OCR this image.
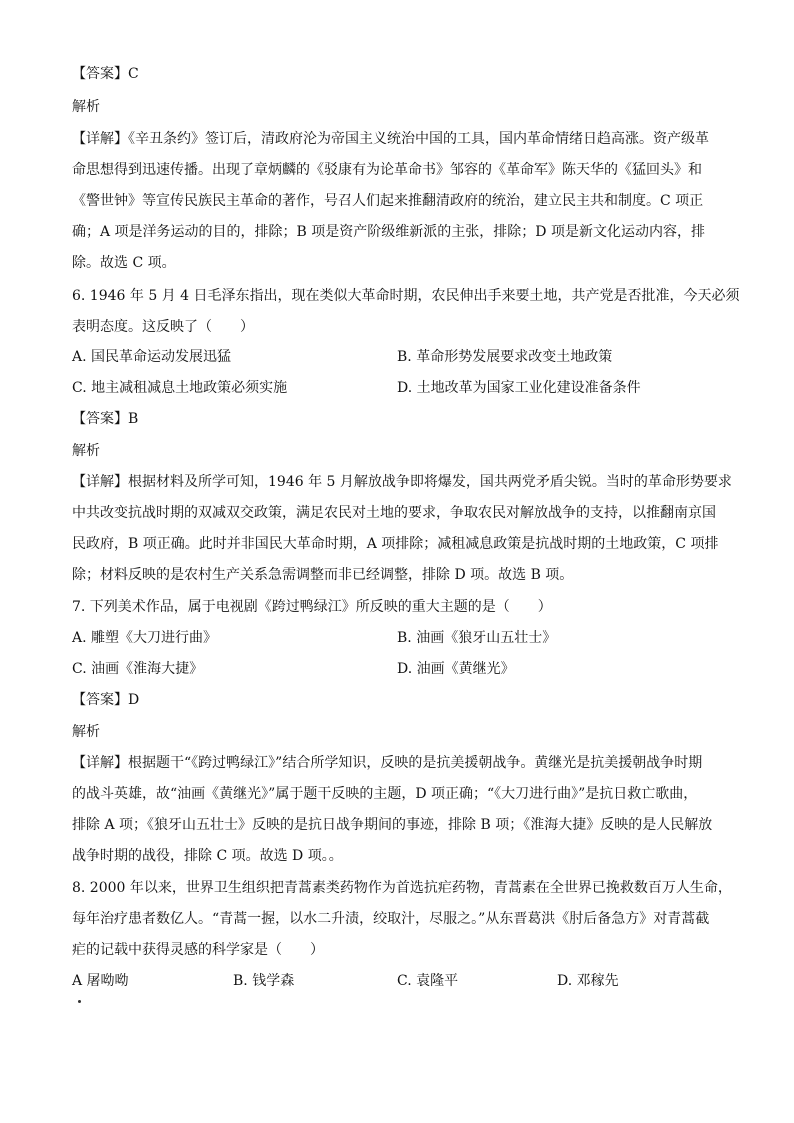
【答案】C
解析
【详解】《辛丑条约》签订后，清政府沦为帝国主义统治中国的工具，国内革命情绪日趋高涨。资产级革
命思想得到迅速传播。出现了章炳麟的《驳康有为论革命书》邹容的《革命军》陈天华的《猛回头》和
《警世钟》等宣传民族民主革命的著作，号召人们起来推翻清政府的统治，建立民主共和制度。C 项正
确；A 项是洋务运动的目的，排除；B 项是资产阶级维新派的主张，排除；D 项是新文化运动内容，排
除。故选 C 项。
6. 1946 年 5 月 4 日毛泽东指出，现在类似大革命时期，农民伸出手来要土地，共产党是否批准，今天必须
表明态度。这反映了（　　）
A. 国民革命运动发展迅猛	B. 革命形势发展要求改变土地政策
C. 地主减租减息土地政策必须实施	D. 土地改革为国家工业化建设准备条件
【答案】B
解析
【详解】根据材料及所学可知，1946 年 5 月解放战争即将爆发，国共两党矛盾尖锐。当时的革命形势要求
中共改变抗战时期的双减双交政策，满足农民对土地的要求，争取农民对解放战争的支持，以推翻南京国
民政府，B 项正确。此时并非国民大革命时期，A 项排除；减租减息政策是抗战时期的土地政策，C 项排
除；材料反映的是农村生产关系急需调整而非已经调整，排除 D 项。故选 B 项。
7. 下列美术作品，属于电视剧《跨过鸭绿江》所反映的重大主题的是（　　）
A. 雕塑《大刀进行曲》	B. 油画《狼牙山五壮士》
C. 油画《淮海大捷》	D. 油画《黄继光》
【答案】D
解析
【详解】根据题干“《跨过鸭绿江》”结合所学知识，反映的是抗美援朝战争。黄继光是抗美援朝战争时期
的战斗英雄，故“油画《黄继光》”属于题干反映的主题，D 项正确；“《大刀进行曲》”是抗日救亡歌曲，
排除 A 项；《狼牙山五壮士》反映的是抗日战争期间的事迹，排除 B 项；《淮海大捷》反映的是人民解放
战争时期的战役，排除 C 项。故选 D 项。。
8. 2000 年以来，世界卫生组织把青蒿素类药物作为首选抗疟药物，青蒿素在全世界已挽救数百万人生命，
每年治疗患者数亿人。“青蒿一握，以水二升渍，绞取汁，尽服之。”从东晋葛洪《肘后备急方》对青蒿截
疟的记载中获得灵感的科学家是（　　）
A 屠呦呦	B. 钱学森	C. 袁隆平	D. 邓稼先
